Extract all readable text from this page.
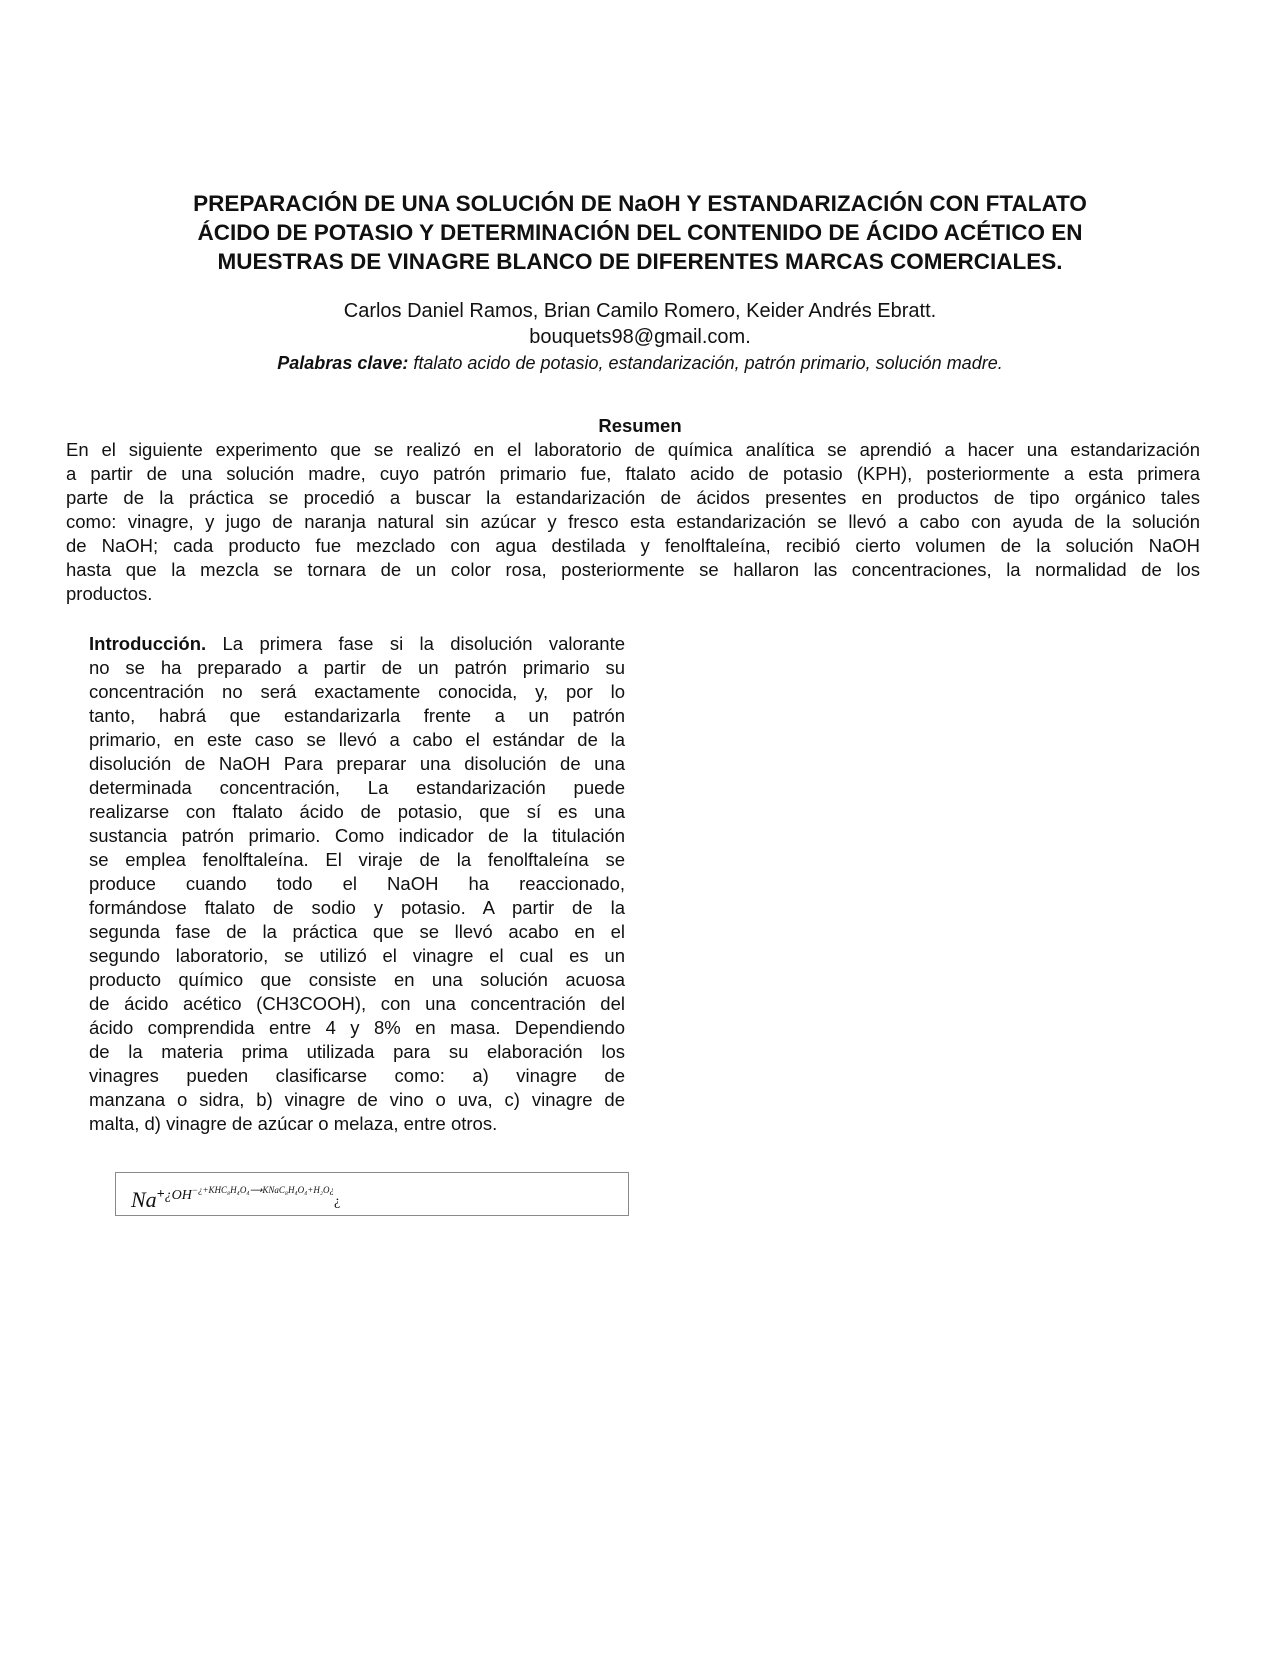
PREPARACIÓN DE UNA SOLUCIÓN DE NaOH Y ESTANDARIZACIÓN CON FTALATO
ÁCIDO DE POTASIO Y DETERMINACIÓN DEL CONTENIDO DE ÁCIDO ACÉTICO EN
MUESTRAS DE VINAGRE BLANCO DE DIFERENTES MARCAS COMERCIALES.

Carlos Daniel Ramos, Brian Camilo Romero, Keider Andrés Ebratt.

bouquets98@gmail.com.

Palabras clave: ftalato acido de potasio, estandarización, patrón primario, solución madre.

Resumen

En el siguiente experimento que se realizó en el laboratorio de química analítica se aprendió a hacer una estandarización
a partir de una solución madre, cuyo patrón primario fue, ftalato acido de potasio (KPH), posteriormente a esta primera
parte de la práctica se procedió a buscar la estandarización de ácidos presentes en productos de tipo orgánico tales
como: vinagre, y jugo de naranja natural sin azúcar y fresco esta estandarización se llevó a cabo con ayuda de la solución
de NaOH; cada producto fue mezclado con agua destilada y fenolftaleína, recibió cierto volumen de la solución NaOH
hasta que la mezcla se tornara de un color rosa, posteriormente se hallaron las concentraciones, la normalidad de los
productos.
Introducción. La primera fase si la disolución valorante
no se ha preparado a partir de un patrón primario su
concentración no será exactamente conocida, y, por lo
tanto, habrá que estandarizarla frente a un patrón
primario, en este caso se llevó a cabo el estándar de la
disolución de NaOH Para preparar una disolución de una
determinada concentración, La estandarización puede
realizarse con ftalato ácido de potasio, que sí es una
sustancia patrón primario. Como indicador de la titulación
se emplea fenolftaleína. El viraje de la fenolftaleína se
produce cuando todo el NaOH ha reaccionado,
formándose ftalato de sodio y potasio. A partir de la
segunda fase de la práctica que se llevó acabo en el
segundo laboratorio, se utilizó el vinagre el cual es un
producto químico que consiste en una solución acuosa
de ácido acético (CH3COOH), con una concentración del
ácido comprendida entre 4 y 8% en masa. Dependiendo
de la materia prima utilizada para su elaboración los
vinagres pueden clasificarse como: a) vinagre de
manzana o sidra, b) vinagre de vino o uva, c) vinagre de
malta, d) vinagre de azúcar o melaza, entre otros.
$Na+¿OH^{-¿+KHC_8H_4O_4⟶KNaC_8H_4O_4+H_2O¿}¿$
